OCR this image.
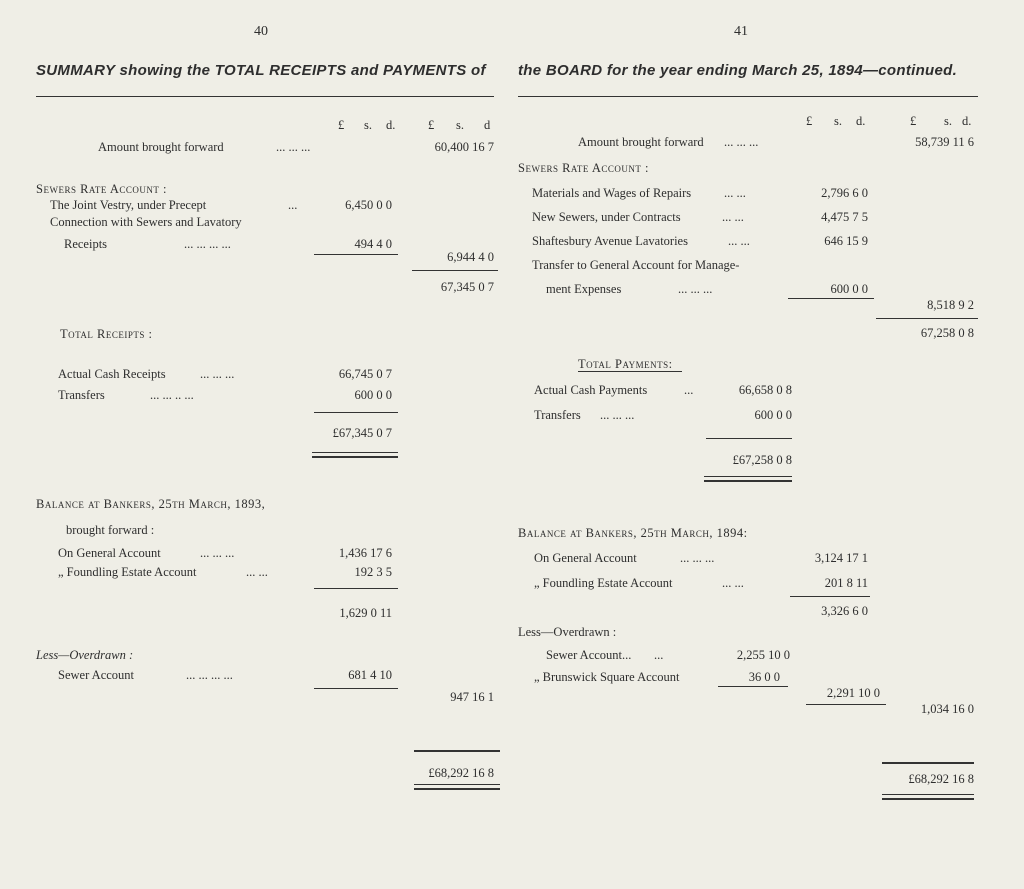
40	41
SUMMARY showing the TOTAL RECEIPTS and PAYMENTS of the BOARD for the year ending March 25, 1894—continued.
£ s. d.	£ s. d
Amount brought forward	... ... ...	60,400 16 7
Sewers Rate Account :
The Joint Vestry, under Precept	...	6,450 0 0
Connection with Sewers and Lavatory
Receipts	... ... ... ...	494 4 0
6,944 4 0
67,345 0 7
Total Receipts :
Actual Cash Receipts	... ... ...	66,745 0 7
Transfers	... ... .. ...	600 0 0
£67,345 0 7
Balance at Bankers, 25th March, 1893,
brought forward :
On General Account	... ... ...	1,436 17 6
„ Foundling Estate Account	... ...	192 3 5
1,629 0 11
Less—Overdrawn :
Sewer Account	... ... ... ...	681 4 10
947 16 1
£68,292 16 8
£ s. d.	£ s. d.
Amount brought forward ... ... ...	58,739 11 6
Sewers Rate Account :
Materials and Wages of Repairs	... ...	2,796 6 0
New Sewers, under Contracts	... ...	4,475 7 5
Shaftesbury Avenue Lavatories	... ...	646 15 9
Transfer to General Account for Manage-
ment Expenses	... ... ...	600 0 0
8,518 9 2
67,258 0 8
Total Payments:
Actual Cash Payments	...	66,658 0 8
Transfers ... ... ...	600 0 0
£67,258 0 8
Balance at Bankers, 25th March, 1894:
On General Account	... ... ...	3,124 17 1
„ Foundling Estate Account	... ...	201 8 11
3,326 6 0
Less—Overdrawn :
Sewer Account... ...	2,255 10 0
„ Brunswick Square Account	36 0 0
2,291 10 0
1,034 16 0
£68,292 16 8
